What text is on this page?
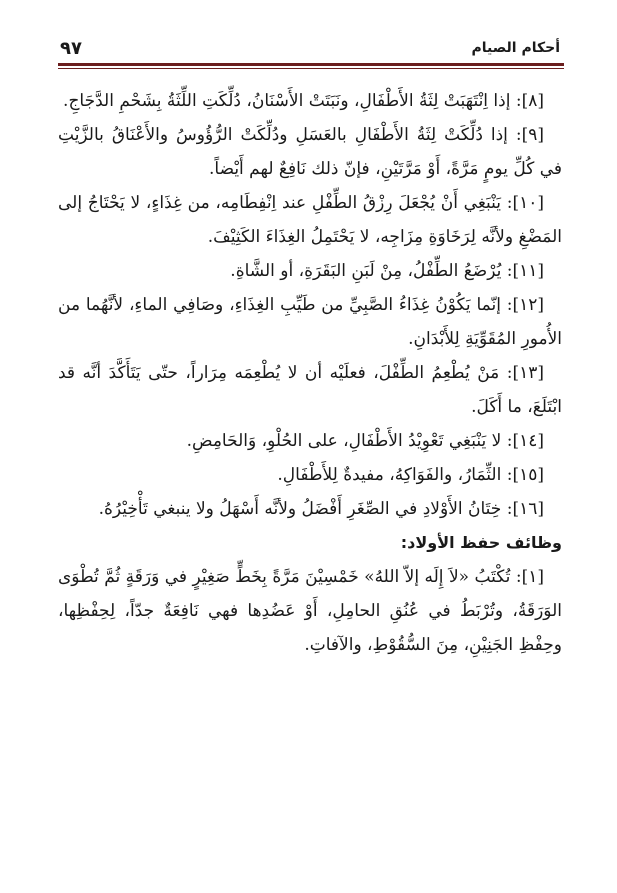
٩٧	أحكام الصيام

[٨]: إذا اِنْتَهَبَتْ لِثَةُ الأَطْفَالِ، ونَبَتَتْ الأَسْنَانُ، دُلِّكَتِ اللِّثَةُ بِشَحْمِ الدَّجَاجِ.

[٩]: إذا دُلِّكَتْ لِثَةُ الأَطْفَالِ بالعَسَلِ ودُلِّكَتْ الرُّؤُوسُ والأَعْنَاقُ بالزَّيْتِ في كُلِّ يومٍ مَرَّةً، أَوْ مَرَّتَيْنِ، فإنّ ذلك نَافِعٌ لهم أَيْضاً.

[١٠]: يَنْبَغِي أَنْ يُجْعَلَ رِزْقُ الطِّفْلِ عند اِنْفِطَامِه، من غِذَاءٍ، لا يَحْتَاجُ إلى المَضْغِ ولأنَّه لِرَخَاوَةِ مِزَاجِه، لا يَحْتَمِلُ الغِذَاءَ الكَثِيْفَ.

[١١]: يُرْضَعُ الطِّفْلُ، مِنْ لَبَنِ البَقَرَةِ، أو الشَّاةِ.

[١٢]: إنّما يَكُوْنُ غِذَاءُ الصَّبِيِّ من طَيِّبِ الغِذَاءِ، وصَافِي الماءِ، لأنَّهُما من الأُمورِ المُقَوِّيَةِ لِلأَبْدَانِ.

[١٣]: مَنْ يُطْعِمُ الطِّفْلَ، فعلَيْه أن لا يُطْعِمَه مِرَاراً، حتّى يَتَأَكَّدَ أنَّه قد ابْتَلَعَ، ما أَكَلَ.

[١٤]: لا يَنْبَغِي تَعْوِيْدُ الأَطْفَالِ، على الحُلْوِ، وَالحَامِضِ.

[١٥]: الثِّمَارُ، والفَوَاكِهُ، مفيدةٌ لِلأَطْفَالِ.

[١٦]: خِتَانُ الأَوْلادِ في الصِّغَرِ أَفْضَلُ ولأنَّه أَسْهَلُ ولا ينبغي تَأْخِيْرُهُ.

وظائف حفظ الأولاد:

[١]: تُكْتَبُ «لاَ إِلَه إلاّ اللهُ» خَمْسِيْنَ مَرَّةً بِخَطٍّ صَغِيْرٍ في وَرَقَةٍ ثُمَّ تُطْوَى الوَرَقَةُ، وتُرْبَطُ في عُنُقِ الحامِلِ، أَوْ عَضُدِها فهي نَافِعَةٌ جدّاً، لِحِفْظِها، وحِفْظِ الجَنِيْنِ، مِنَ السُّقُوْطِ، والآفاتِ.
